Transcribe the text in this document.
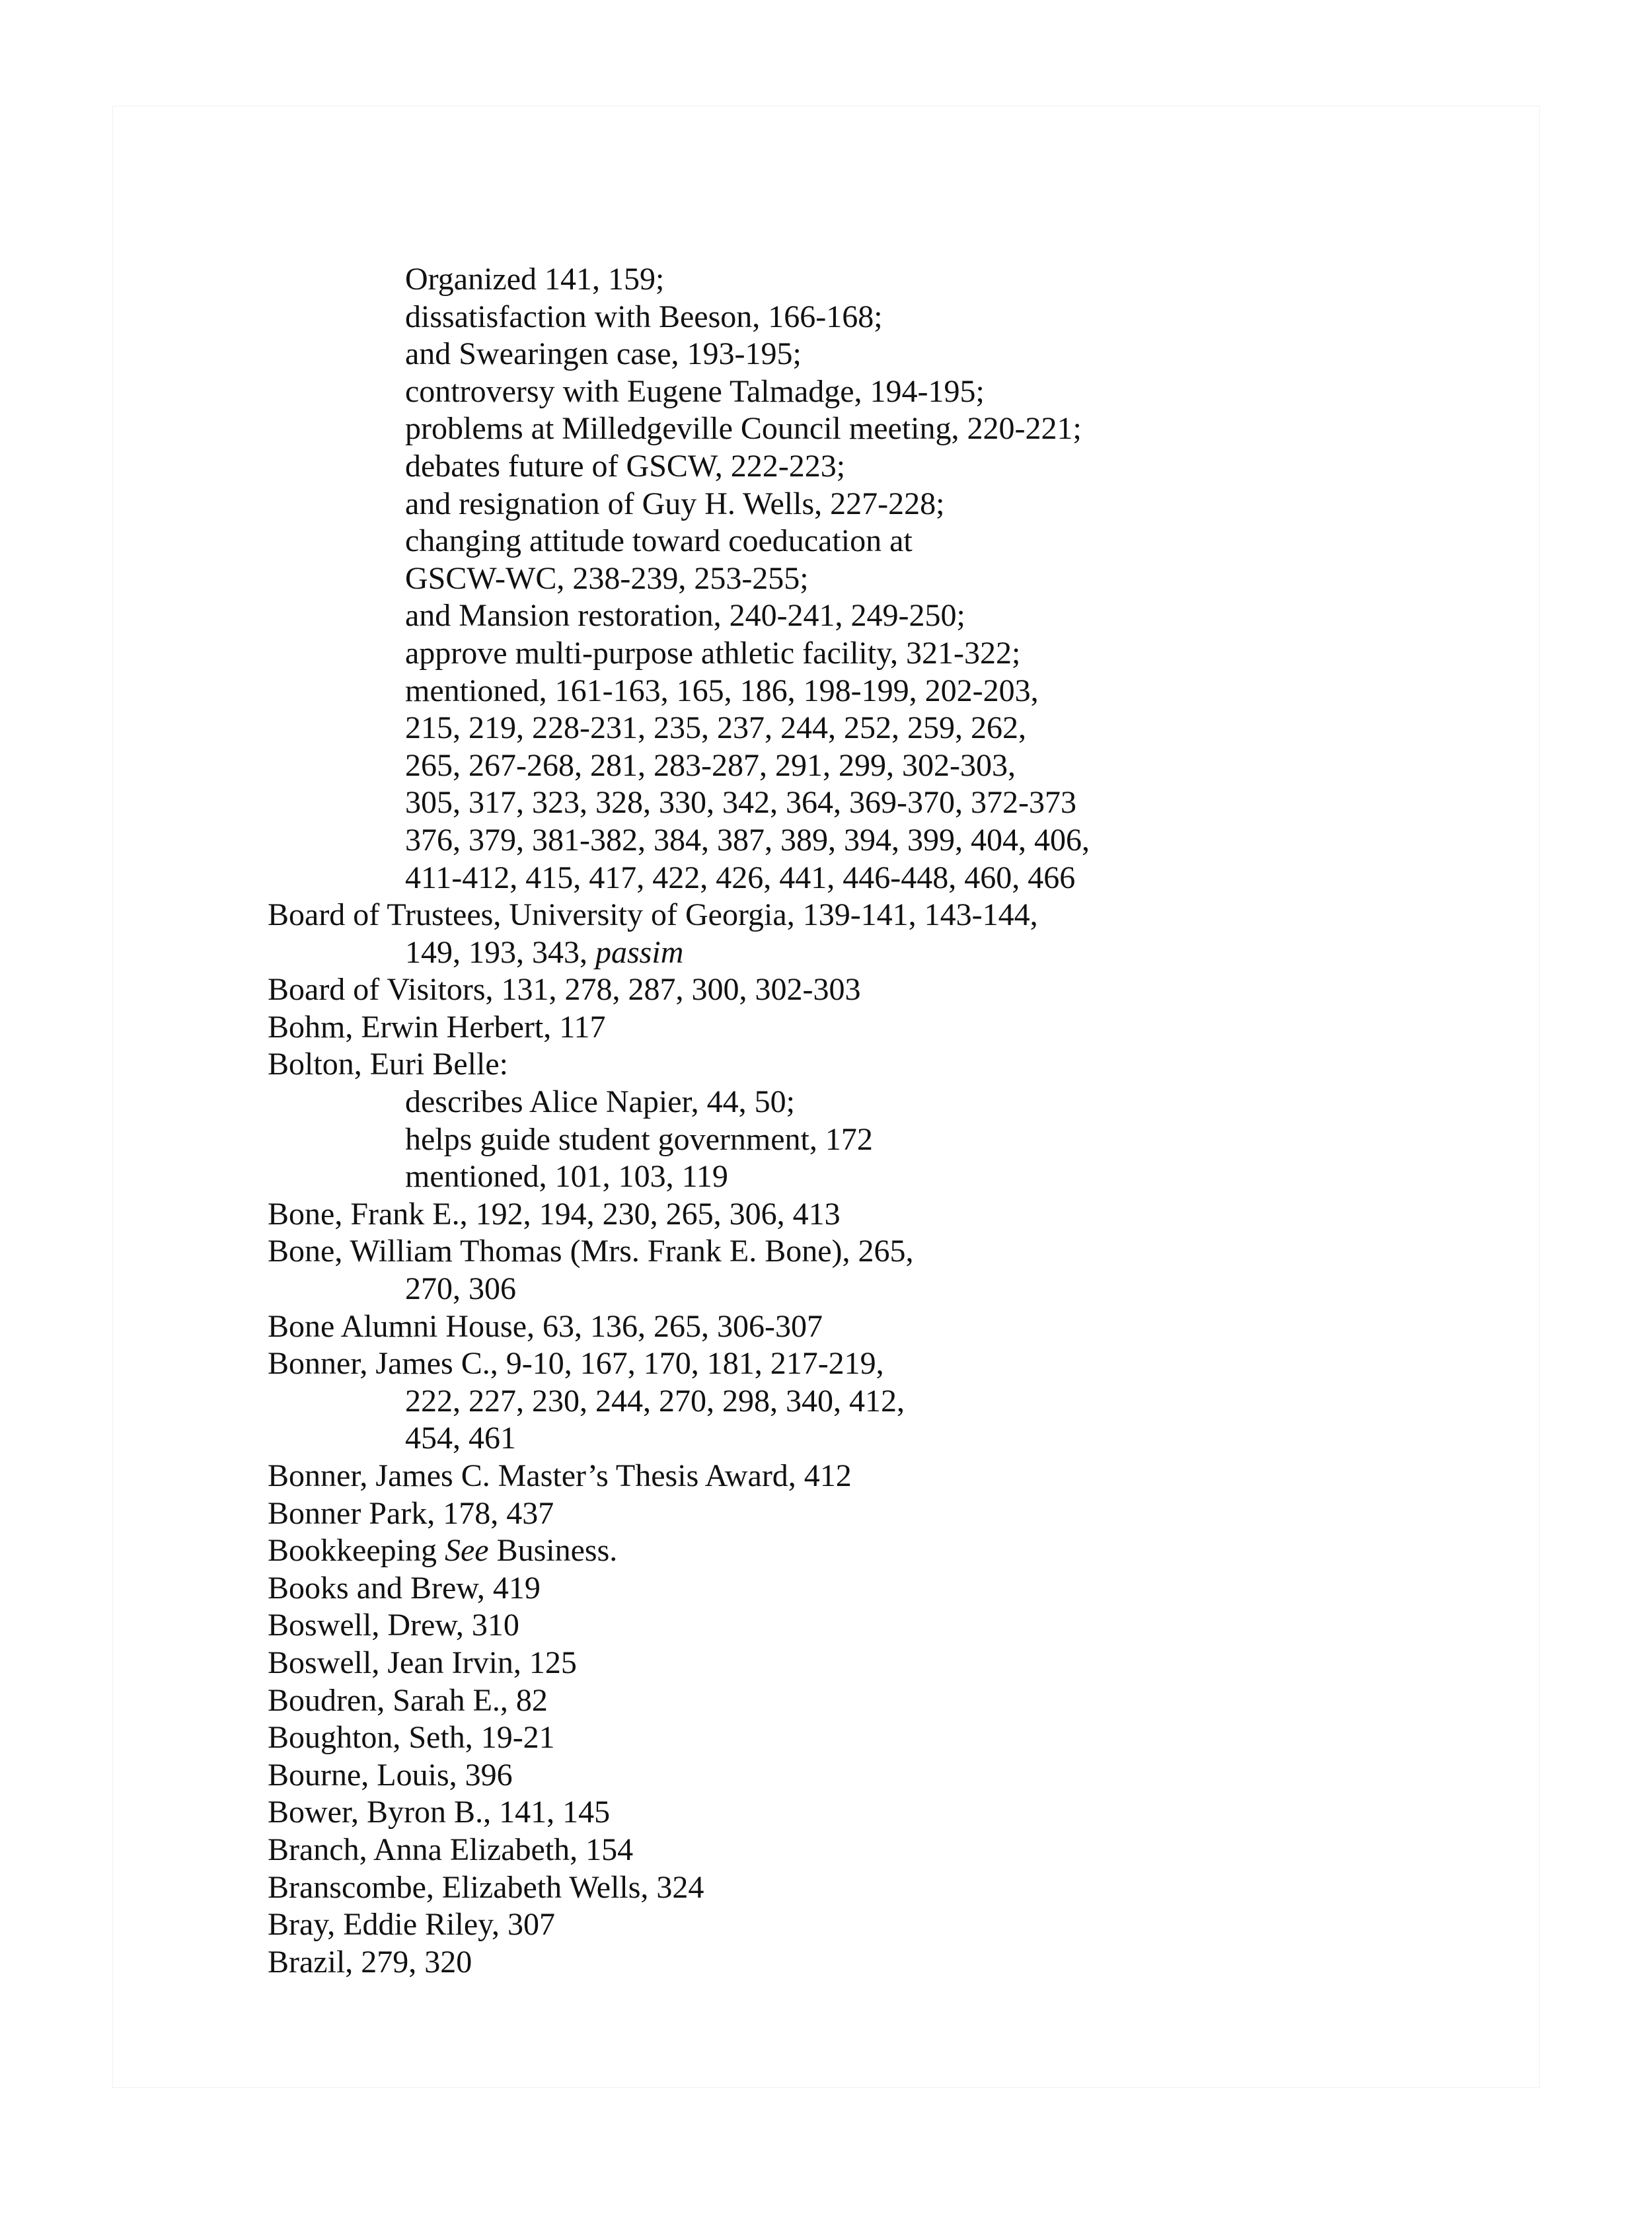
Organized 141, 159;
dissatisfaction with Beeson, 166-168;
and Swearingen case, 193-195;
controversy with Eugene Talmadge, 194-195;
problems at Milledgeville Council meeting, 220-221;
debates future of GSCW, 222-223;
and resignation of Guy H. Wells, 227-228;
changing attitude toward coeducation at
GSCW-WC, 238-239, 253-255;
and Mansion restoration, 240-241, 249-250;
approve multi-purpose athletic facility, 321-322;
mentioned, 161-163, 165, 186, 198-199, 202-203,
215, 219, 228-231, 235, 237, 244, 252, 259, 262,
265, 267-268, 281, 283-287, 291, 299, 302-303,
305, 317, 323, 328, 330, 342, 364, 369-370, 372-373
376, 379, 381-382, 384, 387, 389, 394, 399, 404, 406,
411-412, 415, 417, 422, 426, 441, 446-448, 460, 466
Board of Trustees, University of Georgia, 139-141, 143-144,
149, 193, 343, passim
Board of Visitors, 131, 278, 287, 300, 302-303
Bohm, Erwin Herbert, 117
Bolton, Euri Belle:
describes Alice Napier, 44, 50;
helps guide student government, 172
mentioned, 101, 103, 119
Bone, Frank E., 192, 194, 230, 265, 306, 413
Bone, William Thomas (Mrs. Frank E. Bone), 265,
270, 306
Bone Alumni House, 63, 136, 265, 306-307
Bonner, James C., 9-10, 167, 170, 181, 217-219,
222, 227, 230, 244, 270, 298, 340, 412,
454, 461
Bonner, James C. Master’s Thesis Award, 412
Bonner Park, 178, 437
Bookkeeping See Business.
Books and Brew, 419
Boswell, Drew, 310
Boswell, Jean Irvin, 125
Boudren, Sarah E., 82
Boughton, Seth, 19-21
Bourne, Louis, 396
Bower, Byron B., 141, 145
Branch, Anna Elizabeth, 154
Branscombe, Elizabeth Wells, 324
Bray, Eddie Riley, 307
Brazil, 279, 320
